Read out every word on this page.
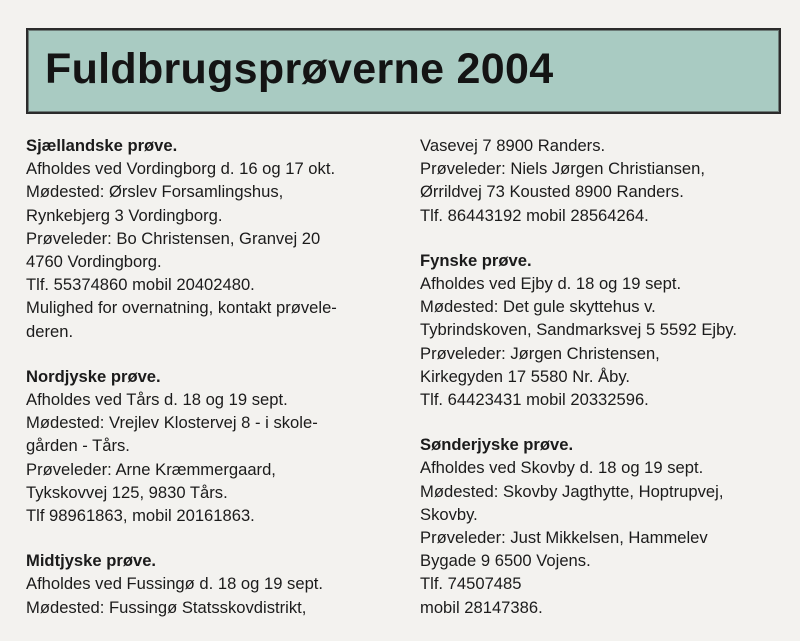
Fuldbrugsprøverne 2004
Sjællandske prøve.
Afholdes ved Vordingborg d. 16 og 17 okt.
Mødested: Ørslev Forsamlingshus,
Rynkebjerg 3 Vordingborg.
Prøveleder: Bo Christensen, Granvej 20
4760 Vordingborg.
Tlf. 55374860 mobil 20402480.
Mulighed for overnatning, kontakt prøvele-
deren.
Nordjyske prøve.
Afholdes ved Tårs d. 18 og 19 sept.
Mødested: Vrejlev Klostervej 8 - i skole-
gården - Tårs.
Prøveleder: Arne Kræmmergaard,
Tykskovvej 125, 9830 Tårs.
Tlf 98961863, mobil 20161863.
Midtjyske prøve.
Afholdes ved Fussingø d. 18 og 19 sept.
Mødested: Fussingø Statsskovdistrikt,
Vasevej 7 8900 Randers.
Prøveleder: Niels Jørgen Christiansen,
Ørrildvej 73 Kousted 8900 Randers.
Tlf. 86443192 mobil 28564264.
Fynske prøve.
Afholdes ved Ejby d. 18 og 19 sept.
Mødested: Det gule skyttehus v.
Tybrindskoven, Sandmarksvej 5 5592 Ejby.
Prøveleder: Jørgen Christensen,
Kirkegyden 17 5580 Nr. Åby.
Tlf. 64423431 mobil 20332596.
Sønderjyske prøve.
Afholdes ved Skovby d. 18 og 19 sept.
Mødested: Skovby Jagthytte, Hoptrupvej,
Skovby.
Prøveleder: Just Mikkelsen, Hammelev
Bygade 9 6500 Vojens.
Tlf. 74507485
mobil 28147386.
